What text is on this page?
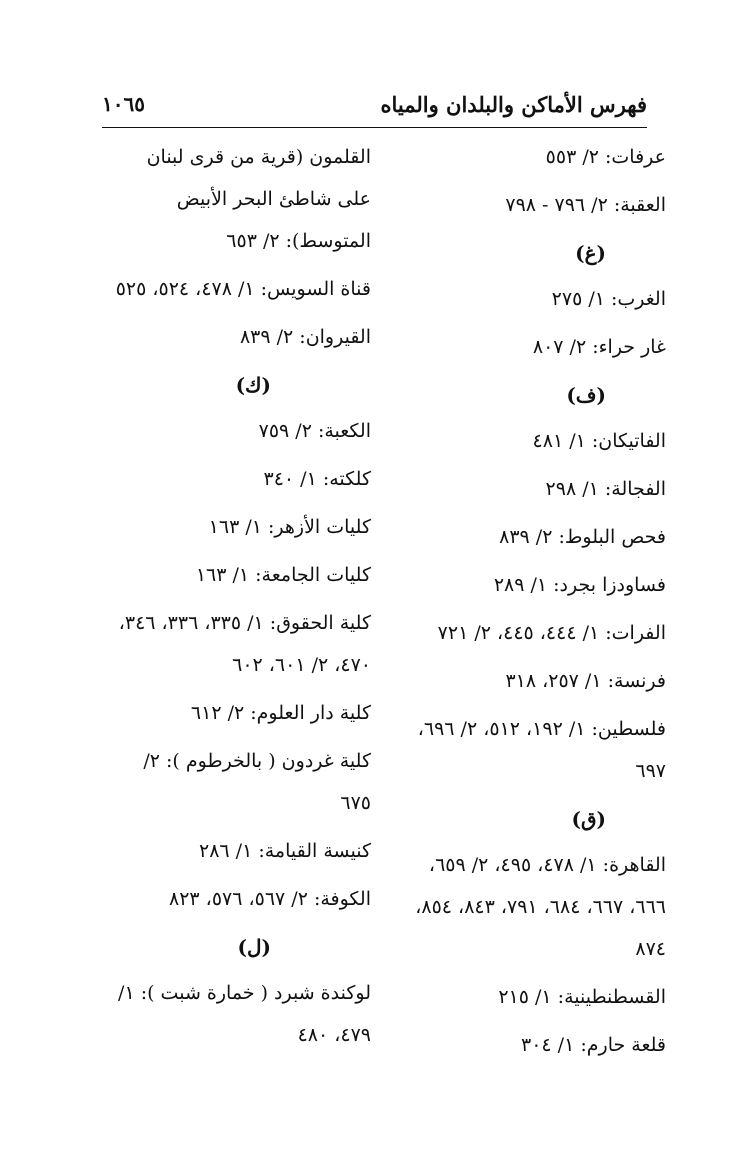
فهرس الأماكن والبلدان والمياه
١٠٦٥
عرفات: ٢/ ٥٥٣
العقبة: ٢/ ٧٩٦ - ٧٩٨
(غ)
الغرب: ١/ ٢٧٥
غار حراء: ٢/ ٨٠٧
(ف)
الفاتيكان: ١/ ٤٨١
الفجالة: ١/ ٢٩٨
فحص البلوط: ٢/ ٨٣٩
فساودزا بجرد: ١/ ٢٨٩
الفرات: ١/ ٤٤٤، ٤٤٥، ٢/ ٧٢١
فرنسة: ١/ ٢٥٧، ٣١٨
فلسطين: ١/ ١٩٢، ٥١٢، ٢/ ٦٩٦، ٦٩٧
(ق)
القاهرة: ١/ ٤٧٨، ٤٩٥، ٢/ ٦٥٩، ٦٦٦، ٦٦٧، ٦٨٤، ٧٩١، ٨٤٣، ٨٥٤، ٨٧٤
القسطنطينية: ١/ ٢١٥
قلعة حارم: ١/ ٣٠٤
القلمون (قرية من قرى لبنان على شاطئ البحر الأبيض المتوسط): ٢/ ٦٥٣
قناة السويس: ١/ ٤٧٨، ٥٢٤، ٥٢٥
القيروان: ٢/ ٨٣٩
(ك)
الكعبة: ٢/ ٧٥٩
كلكته: ١/ ٣٤٠
كليات الأزهر: ١/ ١٦٣
كليات الجامعة: ١/ ١٦٣
كلية الحقوق: ١/ ٣٣٥، ٣٣٦، ٣٤٦، ٤٧٠، ٢/ ٦٠١، ٦٠٢
كلية دار العلوم: ٢/ ٦١٢
كلية غردون ( بالخرطوم ): ٢/ ٦٧٥
كنيسة القيامة: ١/ ٢٨٦
الكوفة: ٢/ ٥٦٧، ٥٧٦، ٨٢٣
(ل)
لوكندة شبرد ( خمارة شبت ): ١/ ٤٧٩، ٤٨٠
